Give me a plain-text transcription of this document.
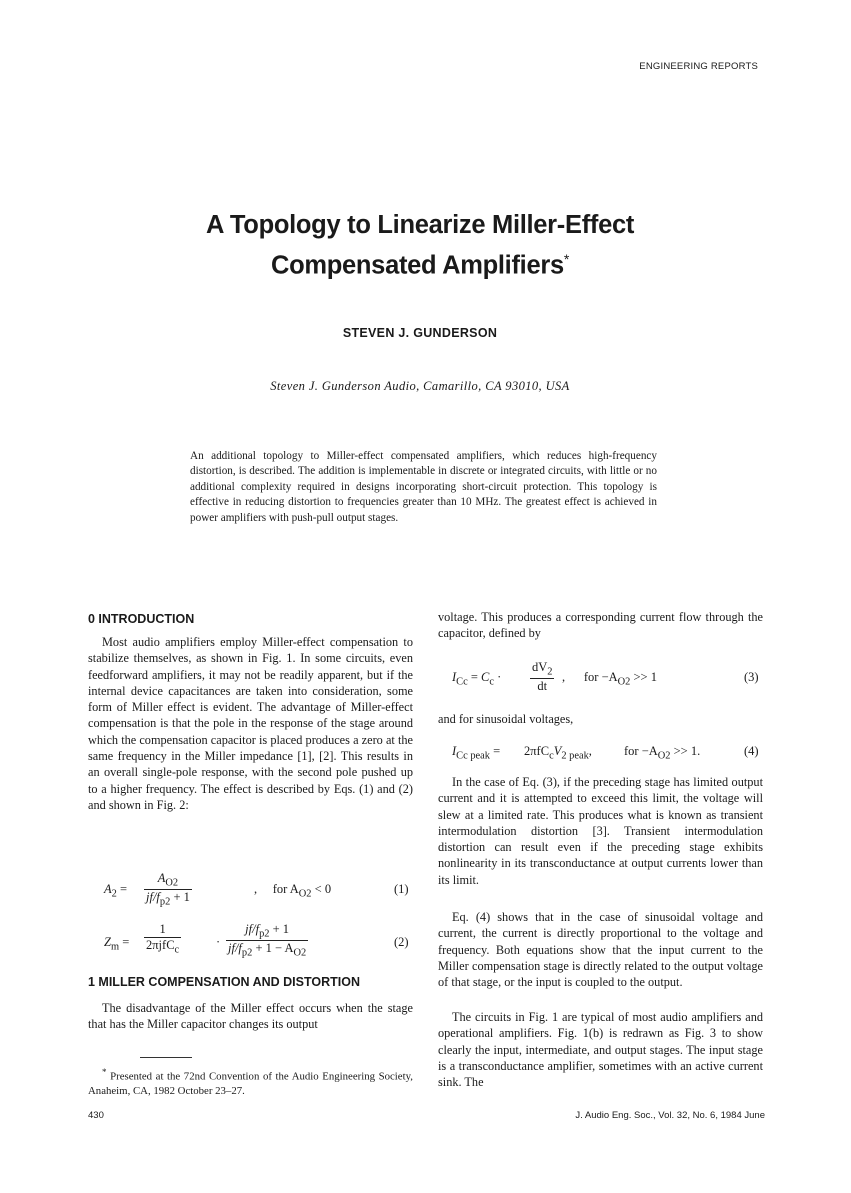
ENGINEERING REPORTS
A Topology to Linearize Miller-Effect
Compensated Amplifiers*
STEVEN J. GUNDERSON
Steven J. Gunderson Audio, Camarillo, CA 93010, USA
An additional topology to Miller-effect compensated amplifiers, which reduces high-frequency distortion, is described. The addition is implementable in discrete or integrated circuits, with little or no additional complexity required in designs incorporating short-circuit protection. This topology is effective in reducing distortion to frequencies greater than 10 MHz. The greatest effect is achieved in power amplifiers with push-pull output stages.
0 INTRODUCTION
Most audio amplifiers employ Miller-effect compensation to stabilize themselves, as shown in Fig. 1. In some circuits, even feedforward amplifiers, it may not be readily apparent, but if the internal device capacitances are taken into consideration, some form of Miller effect is evident. The advantage of Miller-effect compensation is that the pole in the response of the stage around which the compensation capacitor is placed produces a zero at the same frequency in the Miller impedance [1], [2]. This results in an overall single-pole response, with the second pole pushed up to a higher frequency. The effect is described by Eqs. (1) and (2) and shown in Fig. 2:
$A_2 = \frac{A_{O2}}{jf/f_{p2} + 1}$	,     for $A_{O2} < 0$	(1)
$Z_m$ =
1
2πjfC$_c$
· $\frac{jf/f_{p2} + 1}{jf/f_{p2} + 1 - A_{O2}}$	(2)
1 MILLER COMPENSATION AND DISTORTION
The disadvantage of the Miller effect occurs when the stage that has the Miller capacitor changes its output
* Presented at the 72nd Convention of the Audio Engineering Society, Anaheim, CA, 1982 October 23–27.
voltage. This produces a corresponding current flow through the capacitor, defined by
$I_{Cc} = C_c \cdot \frac{dV_2}{dt}$ ,      for $-A_{O2} >> 1$	(3)
and for sinusoidal voltages,
$I_{Cc peak} = 2\pi fC_cV_{2 peak}$,	for $-A_{O2} >> 1$.	(4)
In the case of Eq. (3), if the preceding stage has limited output current and it is attempted to exceed this limit, the voltage will slew at a limited rate. This produces what is known as transient intermodulation distortion [3]. Transient intermodulation distortion can result even if the preceding stage exhibits nonlinearity in its transconductance at output currents lower than its limit.
Eq. (4) shows that in the case of sinusoidal voltage and current, the current is directly proportional to the voltage and frequency. Both equations show that the input current to the Miller compensation stage is directly related to the output voltage of that stage, or the input is coupled to the output.
The circuits in Fig. 1 are typical of most audio amplifiers and operational amplifiers. Fig. 1(b) is redrawn as Fig. 3 to show clearly the input, intermediate, and output stages. The input stage is a transconductance amplifier, sometimes with an active current sink. The
430	J. Audio Eng. Soc., Vol. 32, No. 6, 1984 June
